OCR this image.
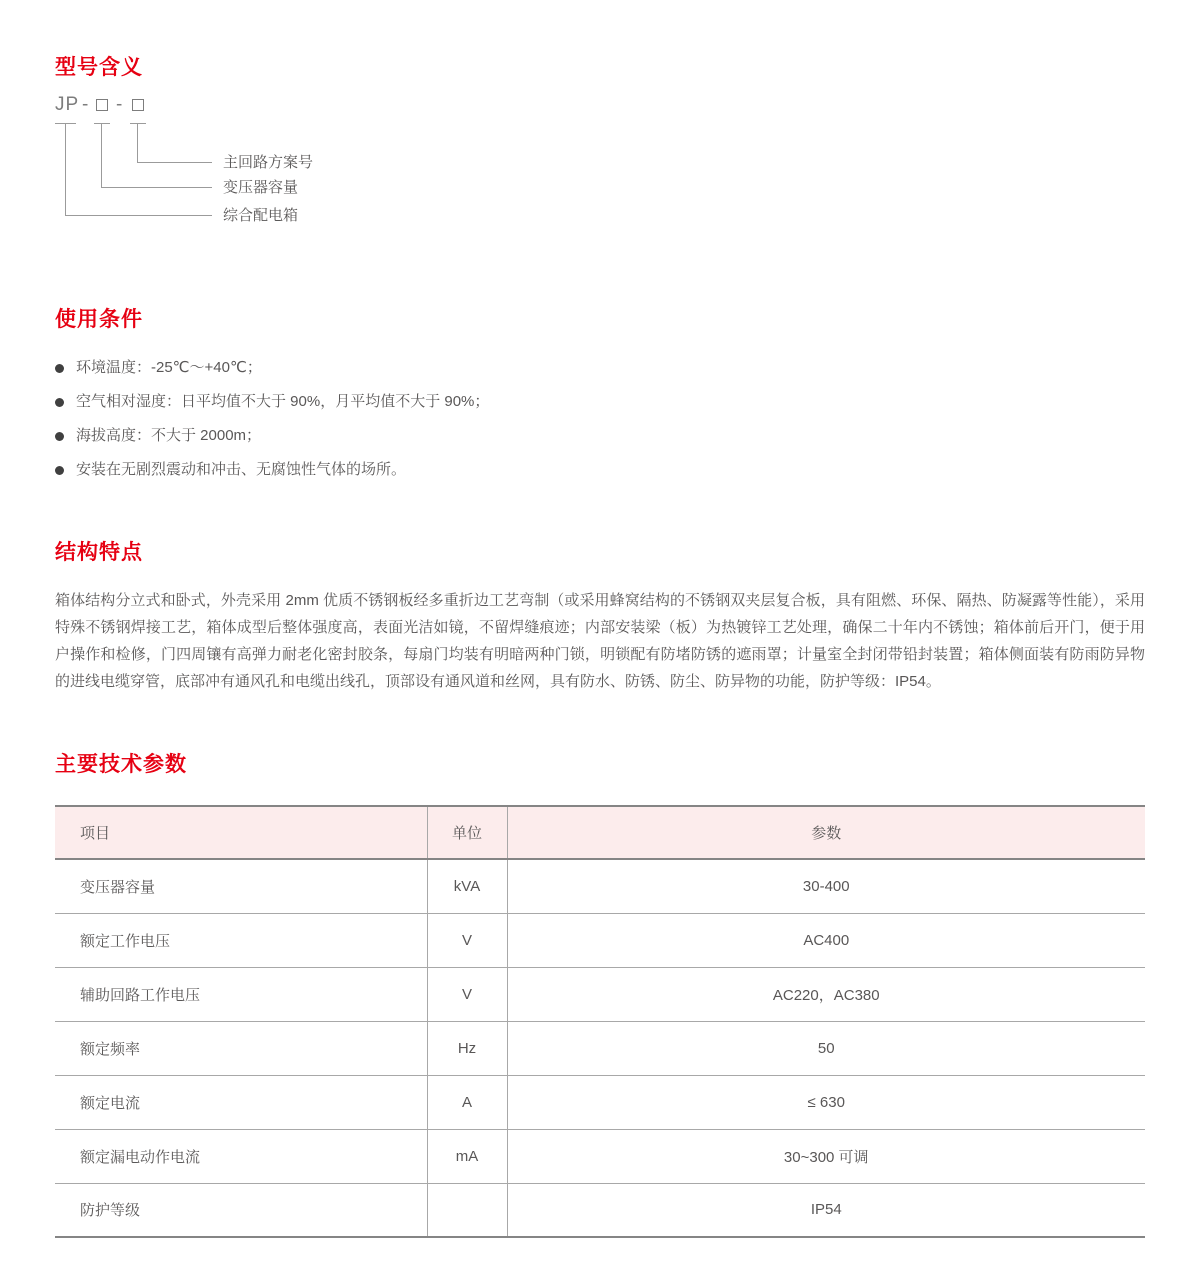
型号含义
JP - -
主回路方案号
变压器容量
综合配电箱
使用条件
环境温度：-25℃～+40℃；
空气相对湿度：日平均值不大于 90%，月平均值不大于 90%；
海拔高度：不大于 2000m；
安装在无剧烈震动和冲击、无腐蚀性气体的场所。
结构特点

箱体结构分立式和卧式，外壳采用 2mm 优质不锈钢板经多重折边工艺弯制（或采用蜂窝结构的不锈钢双夹层复合板，具有阻燃、环保、隔热、防凝露等性能），采用特殊不锈钢焊接工艺，箱体成型后整体强度高，表面光洁如镜，不留焊缝痕迹；内部安装梁（板）为热镀锌工艺处理，确保二十年内不锈蚀；箱体前后开门，便于用户操作和检修，门四周镶有高弹力耐老化密封胶条，每扇门均装有明暗两种门锁，明锁配有防堵防锈的遮雨罩；计量室全封闭带铅封装置；箱体侧面装有防雨防异物的进线电缆穿管，底部冲有通风孔和电缆出线孔，顶部设有通风道和丝网，具有防水、防锈、防尘、防异物的功能，防护等级：IP54。

主要技术参数
项目	单位	参数
变压器容量	kVA	30-400
额定工作电压	V	AC400
辅助回路工作电压	V	AC220，AC380
额定频率	Hz	50
额定电流	A	≤ 630
额定漏电动作电流	mA	30~300 可调
防护等级		IP54
